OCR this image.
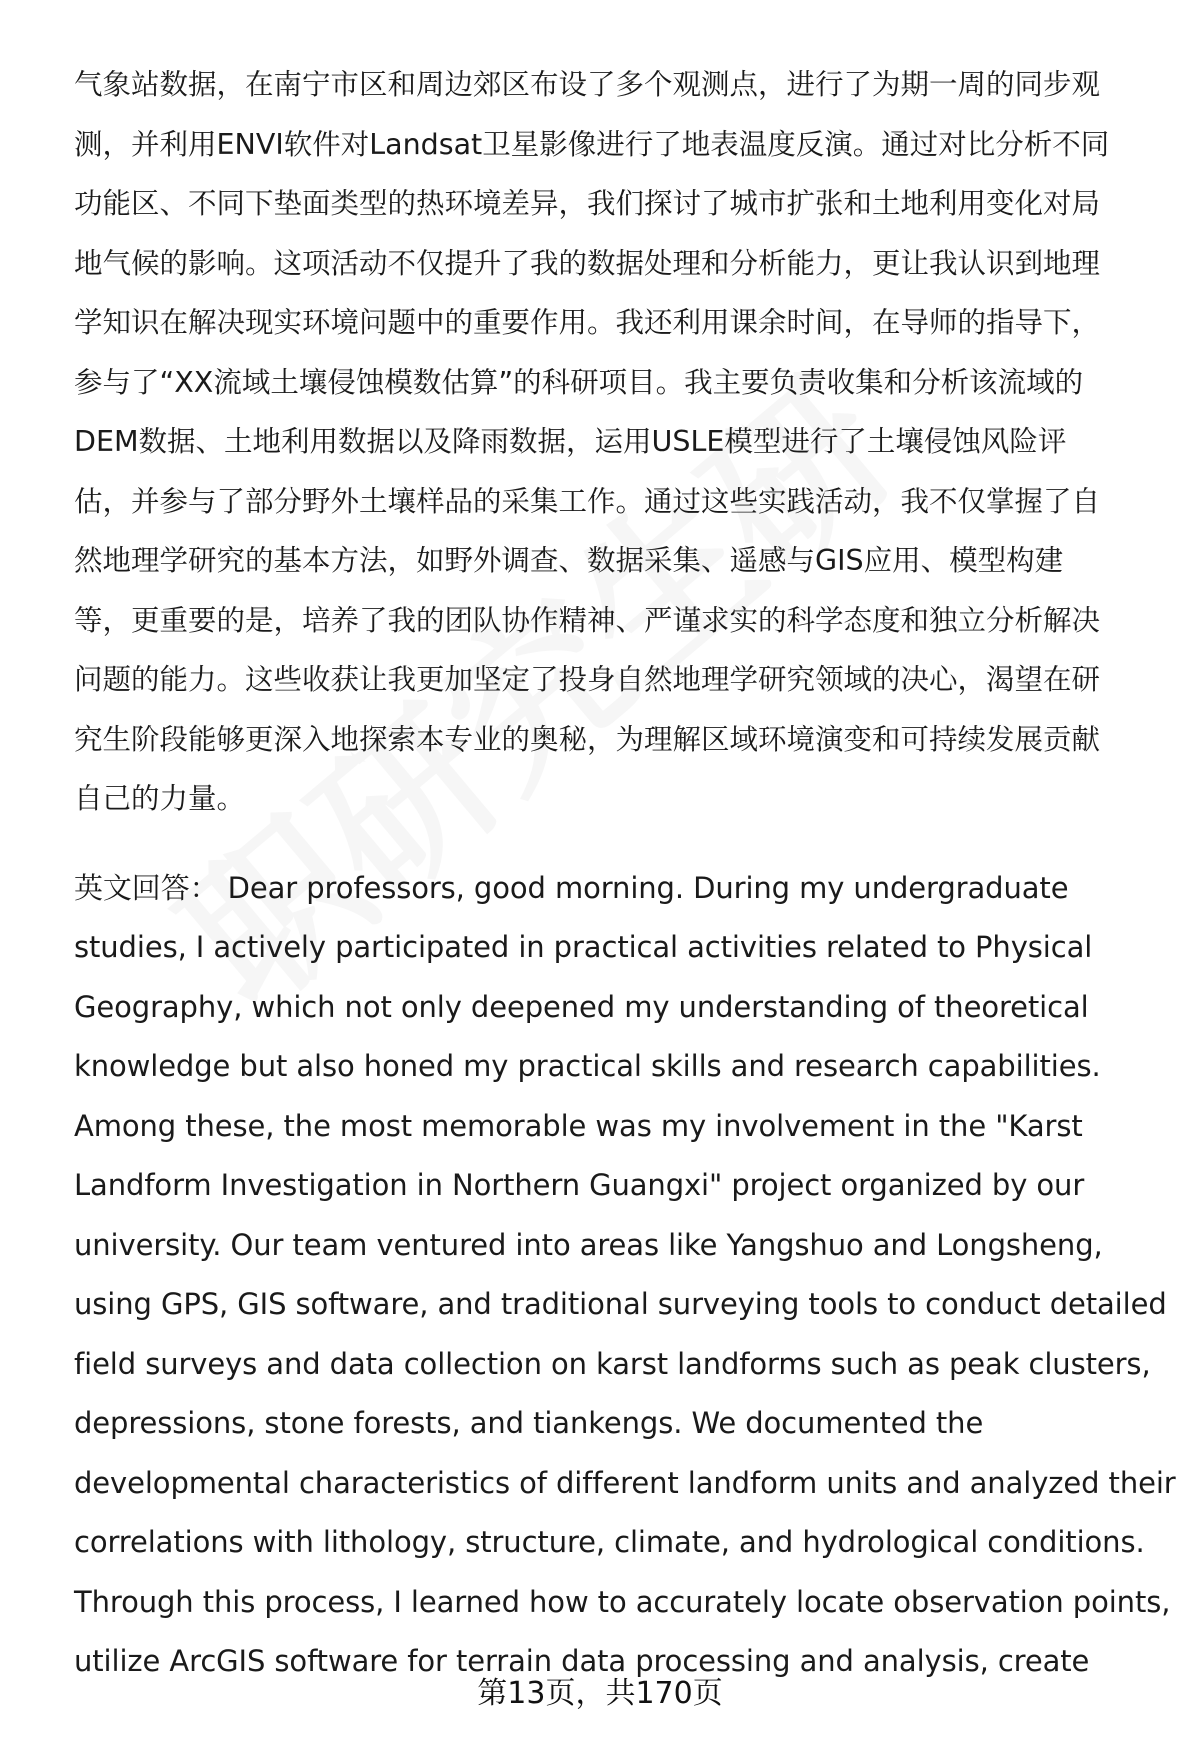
气象站数据，在南宁市区和周边郊区布设了多个观测点，进行了为期一周的同步观
测，并利用ENVI软件对Landsat卫星影像进行了地表温度反演。通过对比分析不同
功能区、不同下垫面类型的热环境差异，我们探讨了城市扩张和土地利用变化对局
地气候的影响。这项活动不仅提升了我的数据处理和分析能力，更让我认识到地理
学知识在解决现实环境问题中的重要作用。我还利用课余时间，在导师的指导下，
参与了“XX流域土壤侵蚀模数估算”的科研项目。我主要负责收集和分析该流域的
DEM数据、土地利用数据以及降雨数据，运用USLE模型进行了土壤侵蚀风险评
估，并参与了部分野外土壤样品的采集工作。通过这些实践活动，我不仅掌握了自
然地理学研究的基本方法，如野外调查、数据采集、遥感与GIS应用、模型构建
等，更重要的是，培养了我的团队协作精神、严谨求实的科学态度和独立分析解决
问题的能力。这些收获让我更加坚定了投身自然地理学研究领域的决心，渴望在研
究生阶段能够更深入地探索本专业的奥秘，为理解区域环境演变和可持续发展贡献
自己的力量。
英文回答： Dear professors, good morning. During my undergraduate
studies, I actively participated in practical activities related to Physical
Geography, which not only deepened my understanding of theoretical
knowledge but also honed my practical skills and research capabilities.
Among these, the most memorable was my involvement in the "Karst
Landform Investigation in Northern Guangxi" project organized by our
university. Our team ventured into areas like Yangshuo and Longsheng,
using GPS, GIS software, and traditional surveying tools to conduct detailed
field surveys and data collection on karst landforms such as peak clusters,
depressions, stone forests, and tiankengs. We documented the
developmental characteristics of different landform units and analyzed their
correlations with lithology, structure, climate, and hydrological conditions.
Through this process, I learned how to accurately locate observation points,
utilize ArcGIS software for terrain data processing and analysis, create
第13页，共170页
